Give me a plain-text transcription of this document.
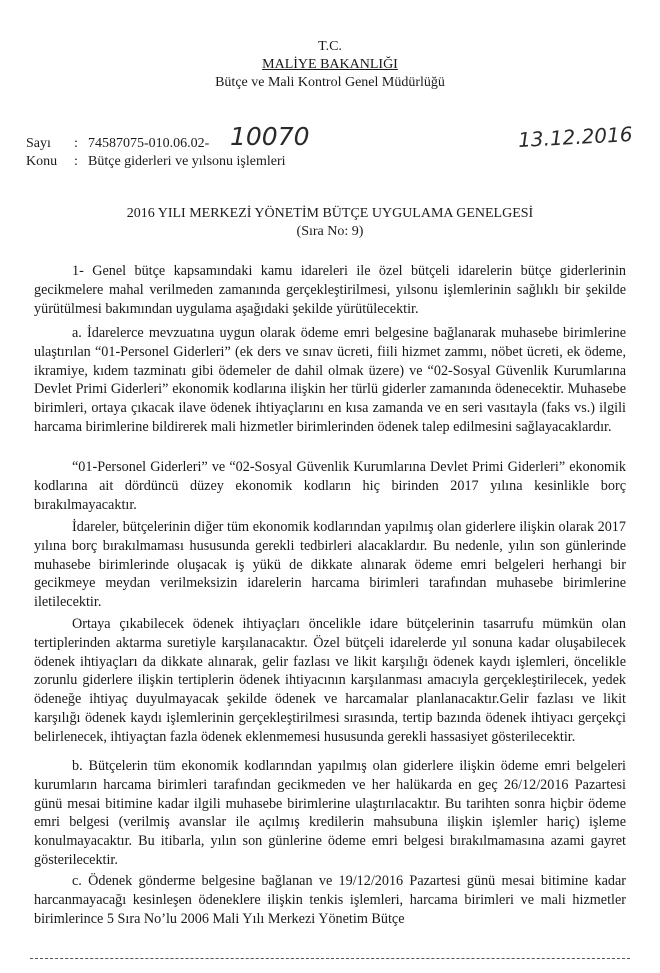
T.C.
MALİYE BAKANLIĞI
Bütçe ve Mali Kontrol Genel Müdürlüğü
Sayı : 74587075-010.06.02- 10070	13.12.2016
Konu : Bütçe giderleri ve yılsonu işlemleri
2016 YILI MERKEZİ YÖNETİM BÜTÇE UYGULAMA GENELGESİ
(Sıra No: 9)

1- Genel bütçe kapsamındaki kamu idareleri ile özel bütçeli idarelerin bütçe giderlerinin gecikmelere mahal verilmeden zamanında gerçekleştirilmesi, yılsonu işlemlerinin sağlıklı bir şekilde yürütülmesi bakımından uygulama aşağıdaki şekilde yürütülecektir.

a. İdarelerce mevzuatına uygun olarak ödeme emri belgesine bağlanarak muhasebe birimlerine ulaştırılan “01-Personel Giderleri” (ek ders ve sınav ücreti, fiili hizmet zammı, nöbet ücreti, ek ödeme, ikramiye, kıdem tazminatı gibi ödemeler de dahil olmak üzere) ve “02-Sosyal Güvenlik Kurumlarına Devlet Primi Giderleri” ekonomik kodlarına ilişkin her türlü giderler zamanında ödenecektir. Muhasebe birimleri, ortaya çıkacak ilave ödenek ihtiyaçlarını en kısa zamanda ve en seri vasıtayla (faks vs.) ilgili harcama birimlerine bildirerek mali hizmetler birimlerinden ödenek talep edilmesini sağlayacaklardır.

“01-Personel Giderleri” ve “02-Sosyal Güvenlik Kurumlarına Devlet Primi Giderleri” ekonomik kodlarına ait dördüncü düzey ekonomik kodların hiç birinden 2017 yılına kesinlikle borç bırakılmayacaktır.

İdareler, bütçelerinin diğer tüm ekonomik kodlarından yapılmış olan giderlere ilişkin olarak 2017 yılına borç bırakılmaması hususunda gerekli tedbirleri alacaklardır. Bu nedenle, yılın son günlerinde muhasebe birimlerinde oluşacak iş yükü de dikkate alınarak ödeme emri belgeleri herhangi bir gecikmeye meydan verilmeksizin idarelerin harcama birimleri tarafından muhasebe birimlerine iletilecektir.

Ortaya çıkabilecek ödenek ihtiyaçları öncelikle idare bütçelerinin tasarrufu mümkün olan tertiplerinden aktarma suretiyle karşılanacaktır. Özel bütçeli idarelerde yıl sonuna kadar oluşabilecek ödenek ihtiyaçları da dikkate alınarak, gelir fazlası ve likit karşılığı ödenek kaydı işlemleri, öncelikle zorunlu giderlere ilişkin tertiplerin ödenek ihtiyacının karşılanması amacıyla gerçekleştirilecek, yedek ödeneğe ihtiyaç duyulmayacak şekilde ödenek ve harcamalar planlanacaktır.Gelir fazlası ve likit karşılığı ödenek kaydı işlemlerinin gerçekleştirilmesi sırasında, tertip bazında ödenek ihtiyacı gerçekçi belirlenecek, ihtiyaçtan fazla ödenek eklenmemesi hususunda gerekli hassasiyet gösterilecektir.

b. Bütçelerin tüm ekonomik kodlarından yapılmış olan giderlere ilişkin ödeme emri belgeleri kurumların harcama birimleri tarafından gecikmeden ve her halükarda en geç 26/12/2016 Pazartesi günü mesai bitimine kadar ilgili muhasebe birimlerine ulaştırılacaktır. Bu tarihten sonra hiçbir ödeme emri belgesi (verilmiş avanslar ile açılmış kredilerin mahsubuna ilişkin işlemler hariç) işleme konulmayacaktır. Bu itibarla, yılın son günlerine ödeme emri belgesi bırakılmamasına azami gayret gösterilecektir.

c. Ödenek gönderme belgesine bağlanan ve 19/12/2016 Pazartesi günü mesai bitimine kadar harcanmayacağı kesinleşen ödeneklere ilişkin tenkis işlemleri, harcama birimleri ve mali hizmetler birimlerince 5 Sıra No’lu 2006 Mali Yılı Merkezi Yönetim Bütçe
